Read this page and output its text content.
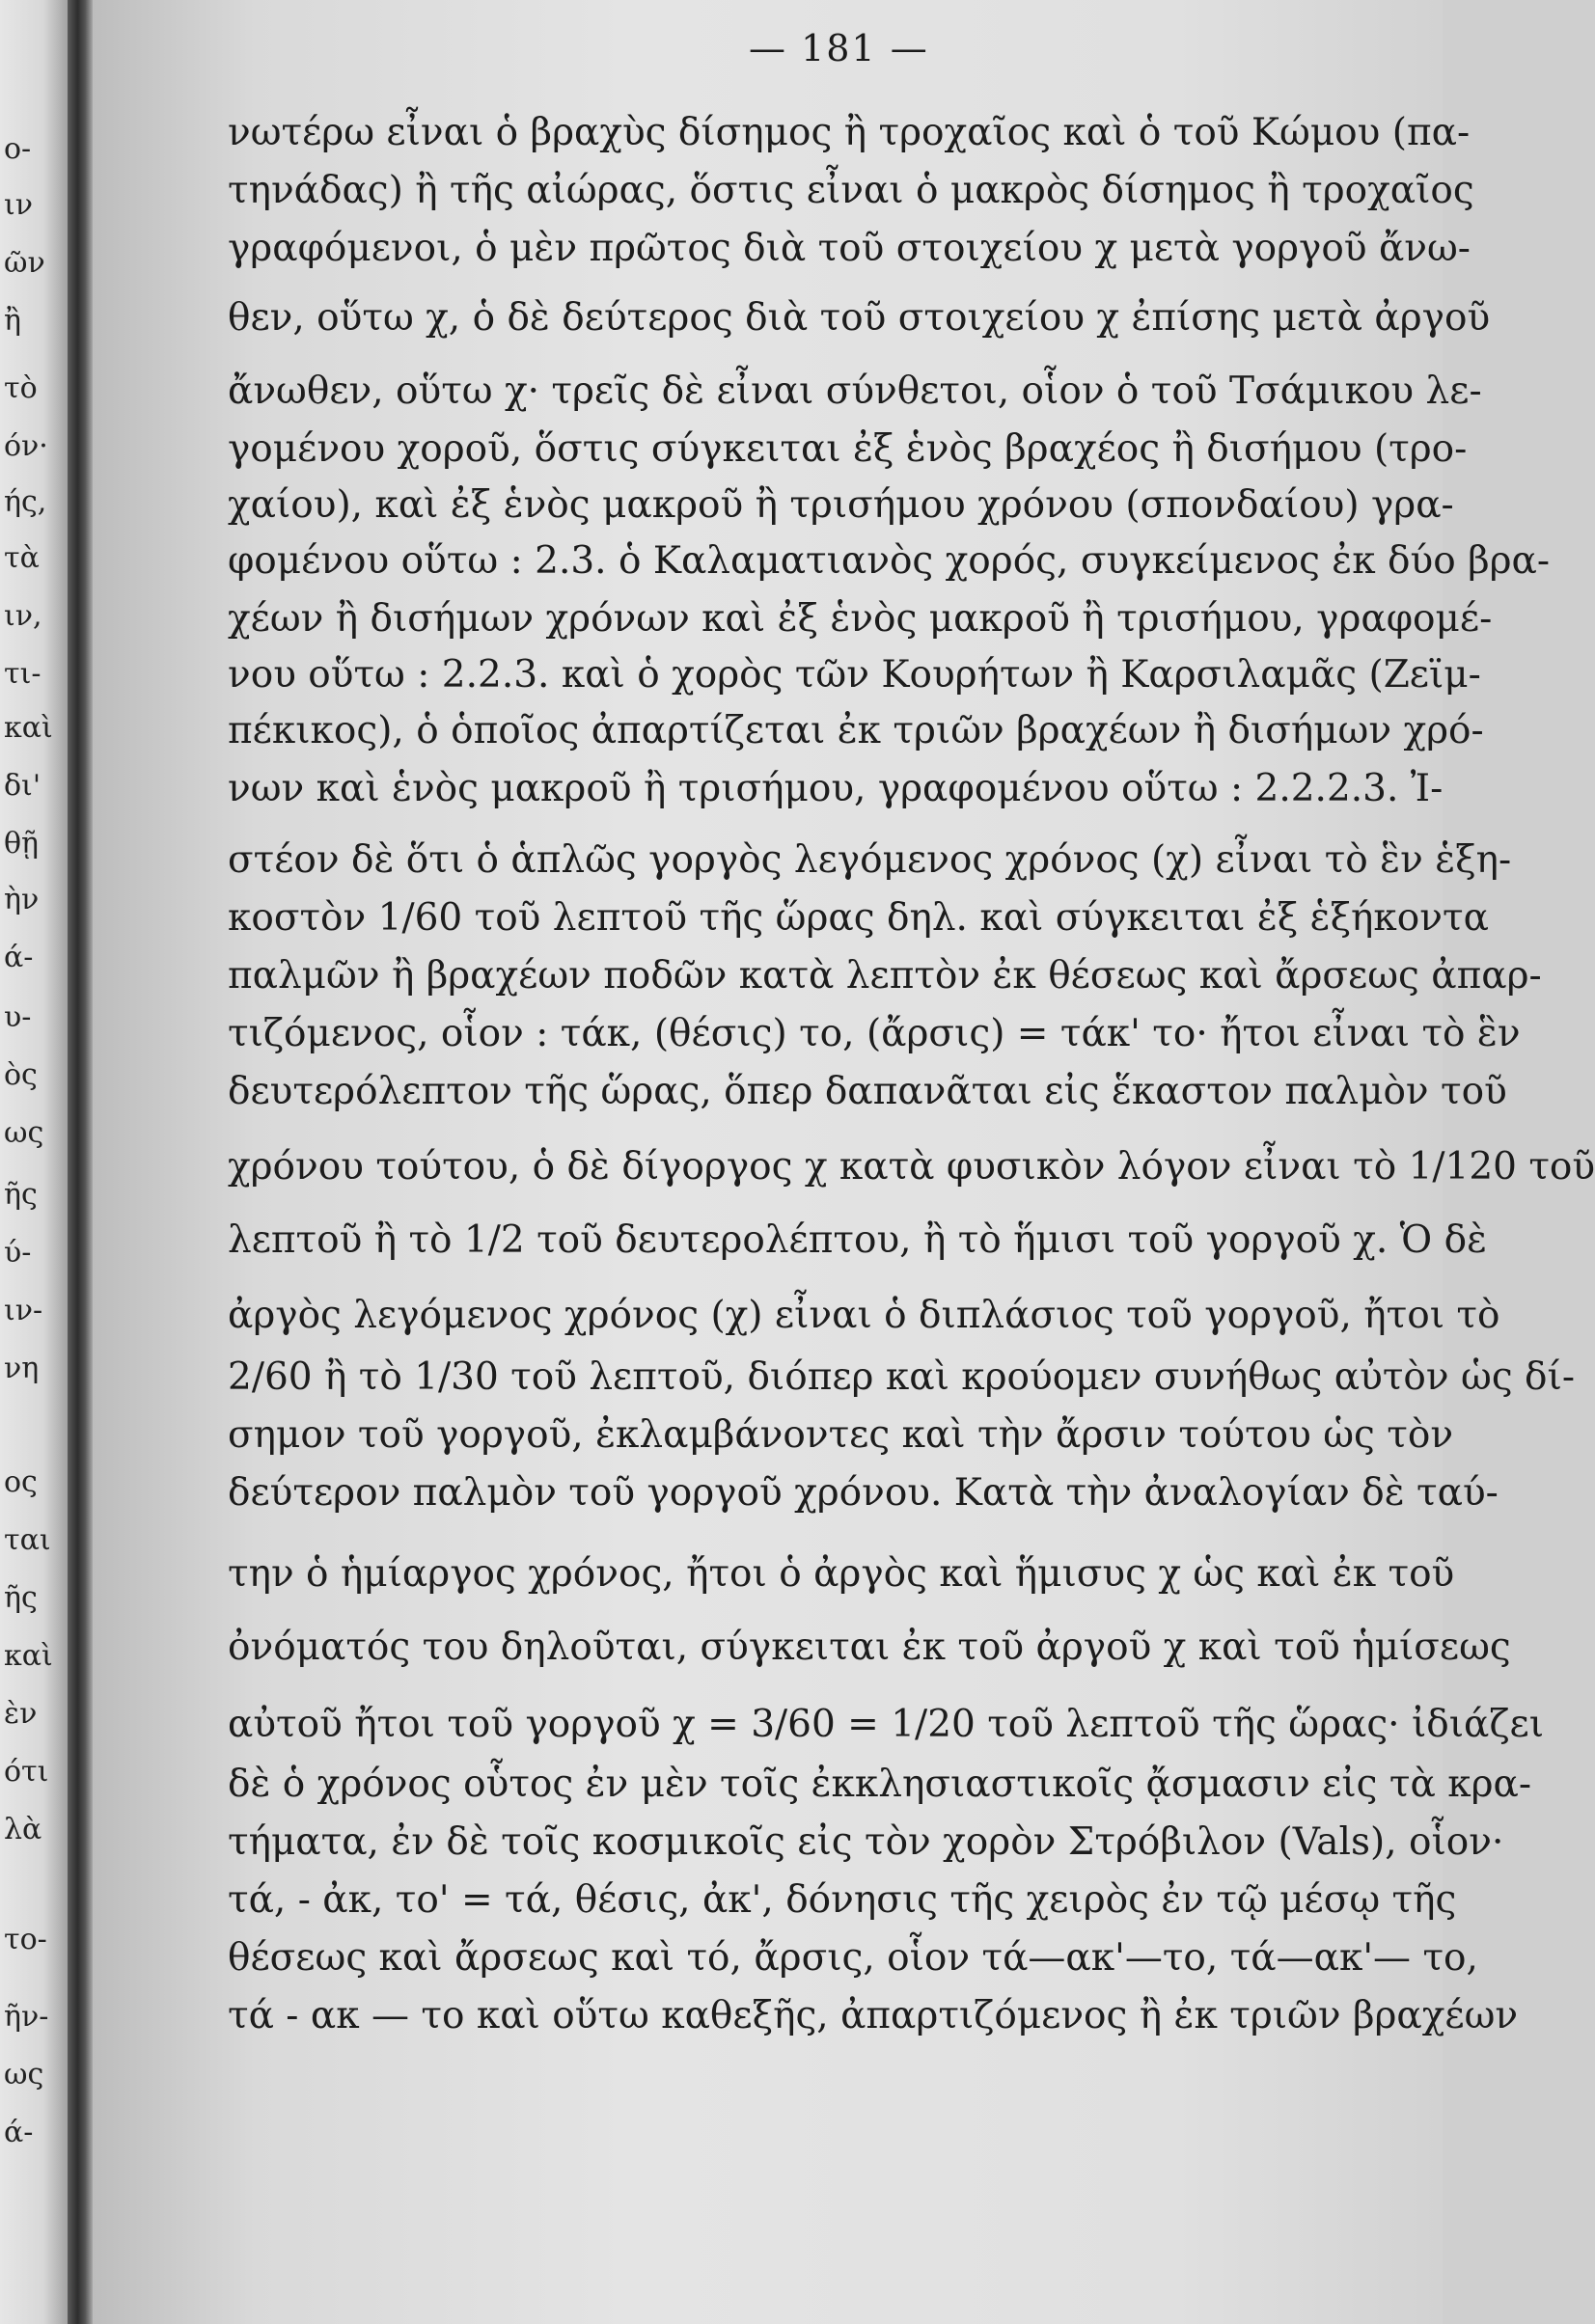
o-
ιν
ῶν
ἢ
τὸ
όν·
ής,
τὰ
ιν,
τι-
καὶ
δι'
θῇ
ὴν
ά-
υ-
ὸς
ως
ῆς
ύ-
ιν-
νη
ος
ται
ῆς
καὶ
ὲν
ότι
λὰ
το-
ῆν-
ως
ά-
— 181 —
νωτέρω εἶναι ὁ βραχὺς δίσημος ἢ τροχαῖος καὶ ὁ τοῦ Κώμου (πα-
τηνάδας) ἢ τῆς αἰώρας, ὅστις εἶναι ὁ μακρὸς δίσημος ἢ τροχαῖος
γραφόμενοι, ὁ μὲν πρῶτος διὰ τοῦ στοιχείου χ μετὰ γοργοῦ ἄνω-
θεν, οὕτω χ, ὁ δὲ δεύτερος διὰ τοῦ στοιχείου χ ἐπίσης μετὰ ἀργοῦ
ἄνωθεν, οὕτω χ· τρεῖς δὲ εἶναι σύνθετοι, οἷον ὁ τοῦ Τσάμικου λε-
γομένου χοροῦ, ὅστις σύγκειται ἐξ ἑνὸς βραχέος ἢ δισήμου (τρο-
χαίου), καὶ ἐξ ἑνὸς μακροῦ ἢ τρισήμου χρόνου (σπονδαίου) γρα-
φομένου οὕτω : 2.3. ὁ Καλαματιανὸς χορός, συγκείμενος ἐκ δύο βρα-
χέων ἢ δισήμων χρόνων καὶ ἐξ ἑνὸς μακροῦ ἢ τρισήμου, γραφομέ-
νου οὕτω : 2.2.3. καὶ ὁ χορὸς τῶν Κουρήτων ἢ Καρσιλαμᾶς (Ζεϊμ-
πέκικος), ὁ ὁποῖος ἀπαρτίζεται ἐκ τριῶν βραχέων ἢ δισήμων χρό-
νων καὶ ἑνὸς μακροῦ ἢ τρισήμου, γραφομένου οὕτω : 2.2.2.3. Ἰ-
στέον δὲ ὅτι ὁ ἁπλῶς γοργὸς λεγόμενος χρόνος (χ) εἶναι τὸ ἓν ἑξη-
κοστὸν 1/60 τοῦ λεπτοῦ τῆς ὥρας δηλ. καὶ σύγκειται ἐξ ἑξήκοντα
παλμῶν ἢ βραχέων ποδῶν κατὰ λεπτὸν ἐκ θέσεως καὶ ἄρσεως ἀπαρ-
τιζόμενος, οἷον : τάκ, (θέσις) το, (ἄρσις) = τάκ' το· ἤτοι εἶναι τὸ ἓν
δευτερόλεπτον τῆς ὥρας, ὅπερ δαπανᾶται εἰς ἕκαστον παλμὸν τοῦ
χρόνου τούτου, ὁ δὲ δίγοργος χ κατὰ φυσικὸν λόγον εἶναι τὸ 1/120 τοῦ
λεπτοῦ ἢ τὸ 1/2 τοῦ δευτερολέπτου, ἢ τὸ ἥμισι τοῦ γοργοῦ χ. Ὁ δὲ
ἀργὸς λεγόμενος χρόνος (χ) εἶναι ὁ διπλάσιος τοῦ γοργοῦ, ἤτοι τὸ
2/60 ἢ τὸ 1/30 τοῦ λεπτοῦ, διόπερ καὶ κρούομεν συνήθως αὐτὸν ὡς δί-
σημον τοῦ γοργοῦ, ἐκλαμβάνοντες καὶ τὴν ἄρσιν τούτου ὡς τὸν
δεύτερον παλμὸν τοῦ γοργοῦ χρόνου. Κατὰ τὴν ἀναλογίαν δὲ ταύ-
την ὁ ἡμίαργος χρόνος, ἤτοι ὁ ἀργὸς καὶ ἥμισυς χ ὡς καὶ ἐκ τοῦ
ὀνόματός του δηλοῦται, σύγκειται ἐκ τοῦ ἀργοῦ χ καὶ τοῦ ἡμίσεως
αὐτοῦ ἤτοι τοῦ γοργοῦ χ = 3/60 = 1/20 τοῦ λεπτοῦ τῆς ὥρας· ἰδιάζει
δὲ ὁ χρόνος οὗτος ἐν μὲν τοῖς ἐκκλησιαστικοῖς ᾄσμασιν εἰς τὰ κρα-
τήματα, ἐν δὲ τοῖς κοσμικοῖς εἰς τὸν χορὸν Στρόβιλον (Vals), οἷον·
τά, - ἀκ, το' = τά, θέσις, ἀκ', δόνησις τῆς χειρὸς ἐν τῷ μέσῳ τῆς
θέσεως καὶ ἄρσεως καὶ τό, ἄρσις, οἷον τά—ακ'—το, τά—ακ'— το,
τά - ακ — το καὶ οὕτω καθεξῆς, ἀπαρτιζόμενος ἢ ἐκ τριῶν βραχέων
